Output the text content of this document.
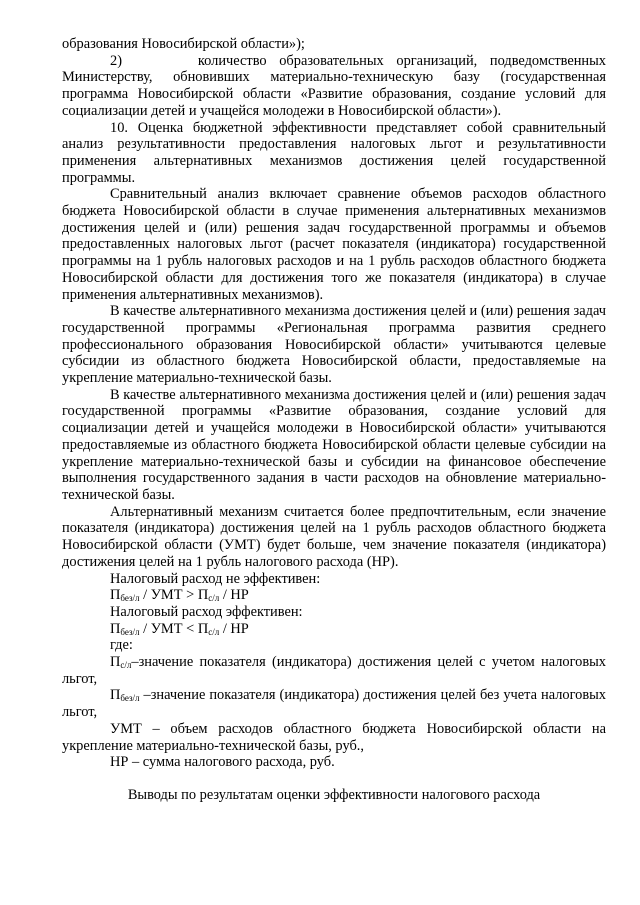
образования Новосибирской области»);

2)      количество образовательных организаций, подведомственных Министерству, обновивших материально-техническую базу (государственная программа Новосибирской области «Развитие образования, создание условий для социализации детей и учащейся молодежи в Новосибирской области»).

10. Оценка бюджетной эффективности представляет собой сравнительный анализ результативности предоставления налоговых льгот и результативности применения альтернативных механизмов достижения целей государственной программы.

Сравнительный анализ включает сравнение объемов расходов областного бюджета Новосибирской области в случае применения альтернативных механизмов достижения целей и (или) решения задач государственной программы и объемов предоставленных налоговых льгот (расчет показателя (индикатора) государственной программы на 1 рубль налоговых расходов и на 1 рубль расходов областного бюджета Новосибирской области для достижения того же показателя (индикатора) в случае применения альтернативных механизмов).

В качестве альтернативного механизма достижения целей и (или) решения задач государственной программы «Региональная программа развития среднего профессионального образования Новосибирской области» учитываются целевые субсидии из областного бюджета Новосибирской области, предоставляемые на укрепление материально-технической базы.

В качестве альтернативного механизма достижения целей и (или) решения задач государственной программы «Развитие образования, создание условий для социализации детей и учащейся молодежи в Новосибирской области» учитываются предоставляемые из областного бюджета Новосибирской области целевые субсидии на укрепление материально-технической базы и субсидии на финансовое обеспечение выполнения государственного задания в части расходов на обновление материально-технической базы.

Альтернативный механизм считается более предпочтительным, если значение показателя (индикатора) достижения целей на 1 рубль расходов областного бюджета Новосибирской области (УМТ) будет больше, чем значение показателя (индикатора) достижения целей на 1 рубль налогового расхода (НР).

Налоговый расход не эффективен:

$П_{без/л}$ / УМТ > $П_{с/л}$ / НР

Налоговый расход эффективен:

$П_{без/л}$ / УМТ < $П_{с/л}$ / НР

где:

$П_{с/л}$–значение показателя (индикатора) достижения целей с учетом налоговых льгот,

$П_{без/л}$ –значение показателя (индикатора) достижения целей без учета налоговых льгот,

УМТ – объем расходов областного бюджета Новосибирской области на укрепление материально-технической базы, руб.,

НР – сумма налогового расхода, руб.

Выводы по результатам оценки эффективности налогового расхода
